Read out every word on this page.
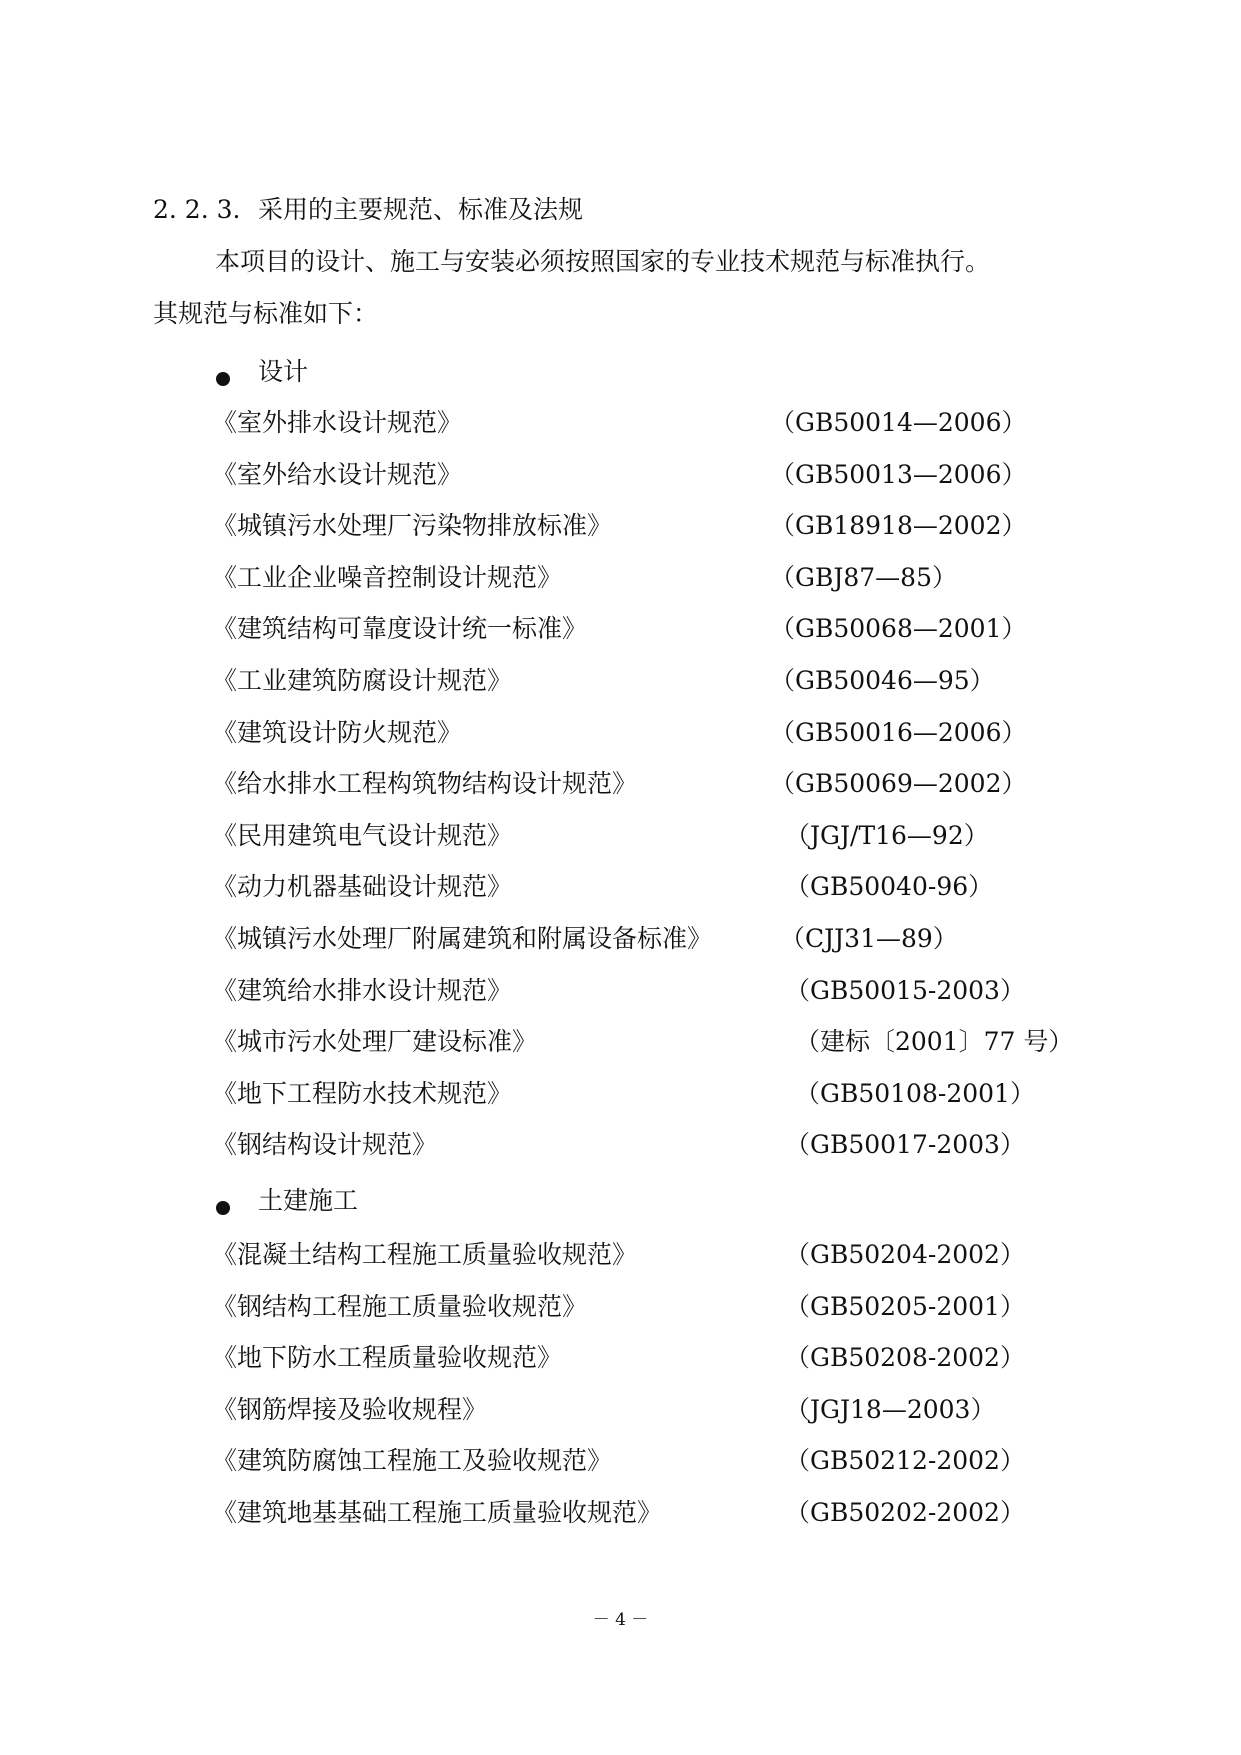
2. 2. 3. 采用的主要规范、标准及法规
本项目的设计、施工与安装必须按照国家的专业技术规范与标准执行。
其规范与标准如下：
设计
《室外排水设计规范》	（GB50014—2006）
《室外给水设计规范》	（GB50013—2006）
《城镇污水处理厂污染物排放标准》	（GB18918—2002）
《工业企业噪音控制设计规范》	（GBJ87—85）
《建筑结构可靠度设计统一标准》	（GB50068—2001）
《工业建筑防腐设计规范》	（GB50046—95）
《建筑设计防火规范》	（GB50016—2006）
《给水排水工程构筑物结构设计规范》	（GB50069—2002）
《民用建筑电气设计规范》	（JGJ/T16—92）
《动力机器基础设计规范》	（GB50040-96）
《城镇污水处理厂附属建筑和附属设备标准》	（CJJ31—89）
《建筑给水排水设计规范》	（GB50015-2003）
《城市污水处理厂建设标准》	（建标〔2001〕77 号）
《地下工程防水技术规范》	（GB50108-2001）
《钢结构设计规范》	（GB50017-2003）
土建施工
《混凝土结构工程施工质量验收规范》	（GB50204-2002）
《钢结构工程施工质量验收规范》	（GB50205-2001）
《地下防水工程质量验收规范》	（GB50208-2002）
《钢筋焊接及验收规程》	（JGJ18—2003）
《建筑防腐蚀工程施工及验收规范》	（GB50212-2002）
《建筑地基基础工程施工质量验收规范》	（GB50202-2002）
－ 4 －
